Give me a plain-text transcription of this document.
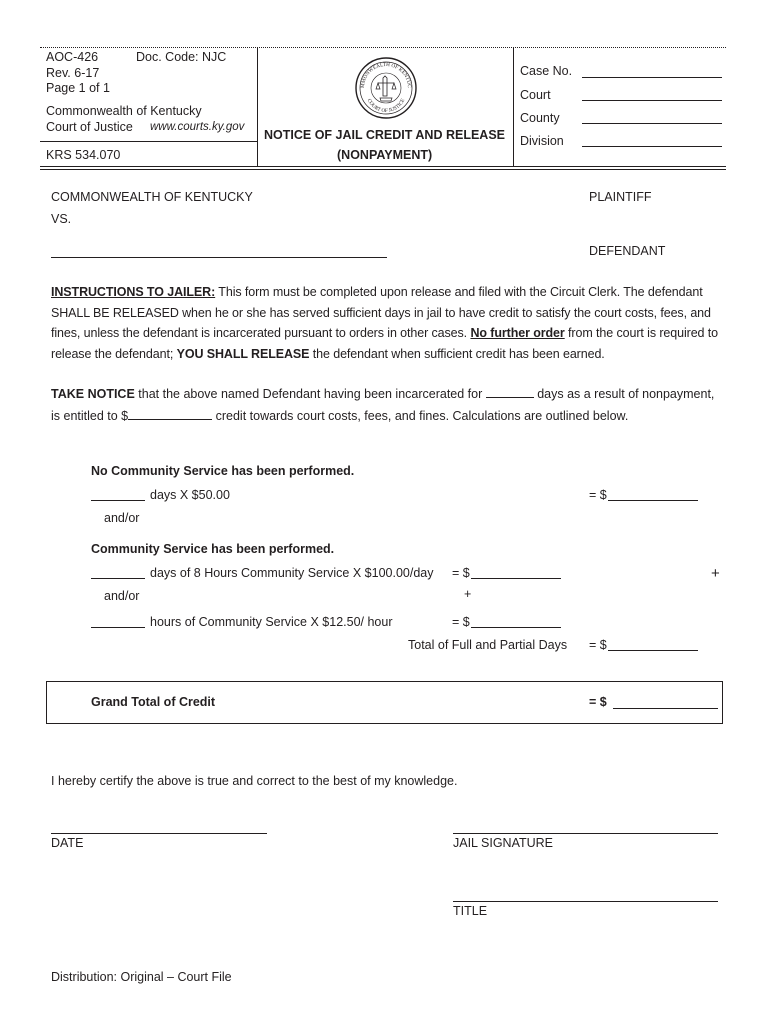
AOC-426	Doc. Code: NJC
Rev. 6-17
Page 1 of 1
Commonwealth of Kentucky
Court of Justice www.courts.ky.gov
KRS 534.070
MMONWEALTH OF KENTUC
COURT OF JUSTICE
NOTICE OF JAIL CREDIT AND RELEASE
(NONPAYMENT)
Case No.
Court
County
Division
COMMONWEALTH OF KENTUCKY	PLAINTIFF
VS.
DEFENDANT
INSTRUCTIONS TO JAILER: This form must be completed upon release and filed with the Circuit Clerk. The defendant SHALL BE RELEASED when he or she has served sufficient days in jail to have credit to satisfy the court costs, fees, and fines, unless the defendant is incarcerated pursuant to orders in other cases. No further order from the court is required to release the defendant; YOU SHALL RELEASE the defendant when sufficient credit has been earned.
TAKE NOTICE that the above named Defendant having been incarcerated for	days as a result of nonpayment, is entitled to $	credit towards court costs, fees, and fines. Calculations are outlined below.
No Community Service has been performed.
days X $50.00	= $
and/or
Community Service has been performed.
days of 8 Hours Community Service X $100.00/day = $	+
and/or	+
hours of Community Service X $12.50/ hour	= $
Total of Full and Partial Days = $
Grand Total of Credit	= $
I hereby certify the above is true and correct to the best of my knowledge.
DATE	JAIL SIGNATURE
TITLE
Distribution: Original – Court File
